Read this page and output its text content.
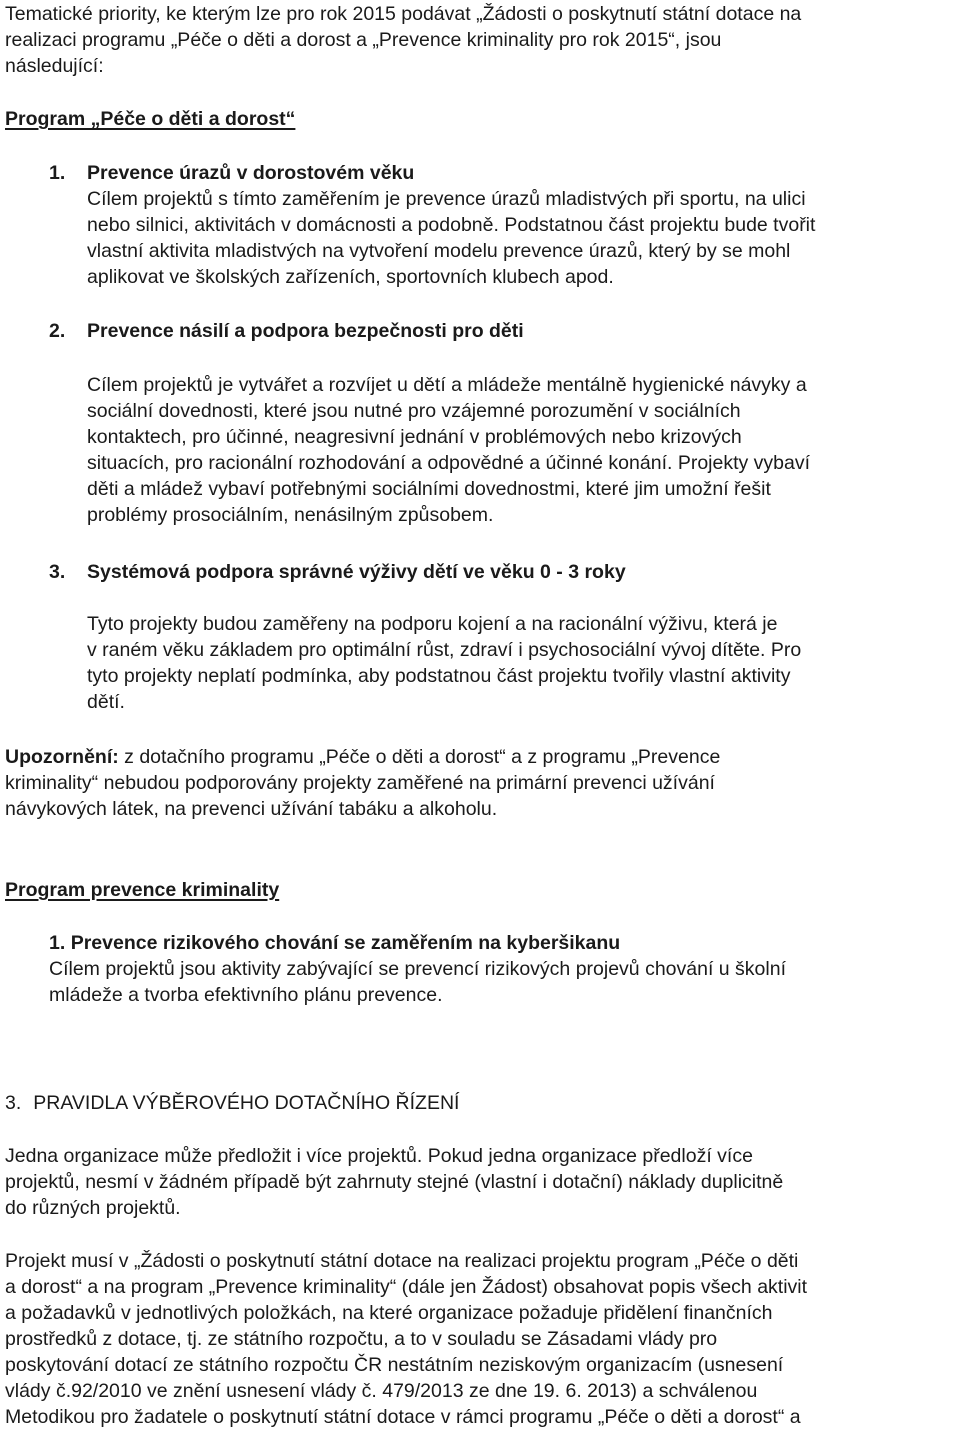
Tematické priority, ke kterým lze pro rok 2015 podávat „Žádosti o poskytnutí státní dotace na
realizaci programu „Péče o děti a dorost a „Prevence kriminality pro rok 2015“, jsou
následující:
Program „Péče o děti a dorost“
1. Prevence úrazů v dorostovém věku
Cílem projektů s tímto zaměřením je prevence úrazů mladistvých při sportu, na ulici
nebo silnici, aktivitách v domácnosti a podobně. Podstatnou část projektu bude tvořit
vlastní aktivita mladistvých na vytvoření modelu prevence úrazů, který by se mohl
aplikovat ve školských zařízeních, sportovních klubech apod.
2. Prevence násilí a podpora bezpečnosti pro děti
Cílem projektů je vytvářet a rozvíjet u dětí a mládeže mentálně hygienické návyky a
sociální dovednosti, které jsou nutné pro vzájemné porozumění v sociálních
kontaktech, pro účinné, neagresivní jednání v problémových nebo krizových
situacích, pro racionální rozhodování a odpovědné a účinné konání. Projekty vybaví
děti a mládež vybaví potřebnými sociálními dovednostmi, které jim umožní řešit
problémy prosociálním, nenásilným způsobem.
3. Systémová podpora správné výživy dětí ve věku 0 - 3 roky
Tyto projekty budou zaměřeny na podporu kojení a na racionální výživu, která je
v raném věku základem pro optimální růst, zdraví i psychosociální vývoj dítěte. Pro
tyto projekty neplatí podmínka, aby podstatnou část projektu tvořily vlastní aktivity
dětí.
Upozornění: z dotačního programu „Péče o děti a dorost“ a z programu „Prevence
kriminality“ nebudou podporovány projekty zaměřené na primární prevenci užívání
návykových látek, na prevenci užívání tabáku a alkoholu.
Program prevence kriminality
1. Prevence rizikového chování se zaměřením na kyberšikanu
Cílem projektů jsou aktivity zabývající se prevencí rizikových projevů chování u školní
mládeže a tvorba efektivního plánu prevence.
3. PRAVIDLA VÝBĚROVÉHO DOTAČNÍHO ŘÍZENÍ
Jedna organizace může předložit i více projektů. Pokud jedna organizace předloží více
projektů, nesmí v žádném případě být zahrnuty stejné (vlastní i dotační) náklady duplicitně
do různých projektů.
Projekt musí v „Žádosti o poskytnutí státní dotace na realizaci projektu program „Péče o děti
a dorost“ a na program „Prevence kriminality“ (dále jen Žádost) obsahovat popis všech aktivit
a požadavků v jednotlivých položkách, na které organizace požaduje přidělení finančních
prostředků z dotace, tj. ze státního rozpočtu, a to v souladu se Zásadami vlády pro
poskytování dotací ze státního rozpočtu ČR nestátním neziskovým organizacím (usnesení
vlády č.92/2010 ve znění usnesení vlády č. 479/2013 ze dne 19. 6. 2013) a schválenou
Metodikou pro žadatele o poskytnutí státní dotace v rámci programu „Péče o děti a dorost“ a
